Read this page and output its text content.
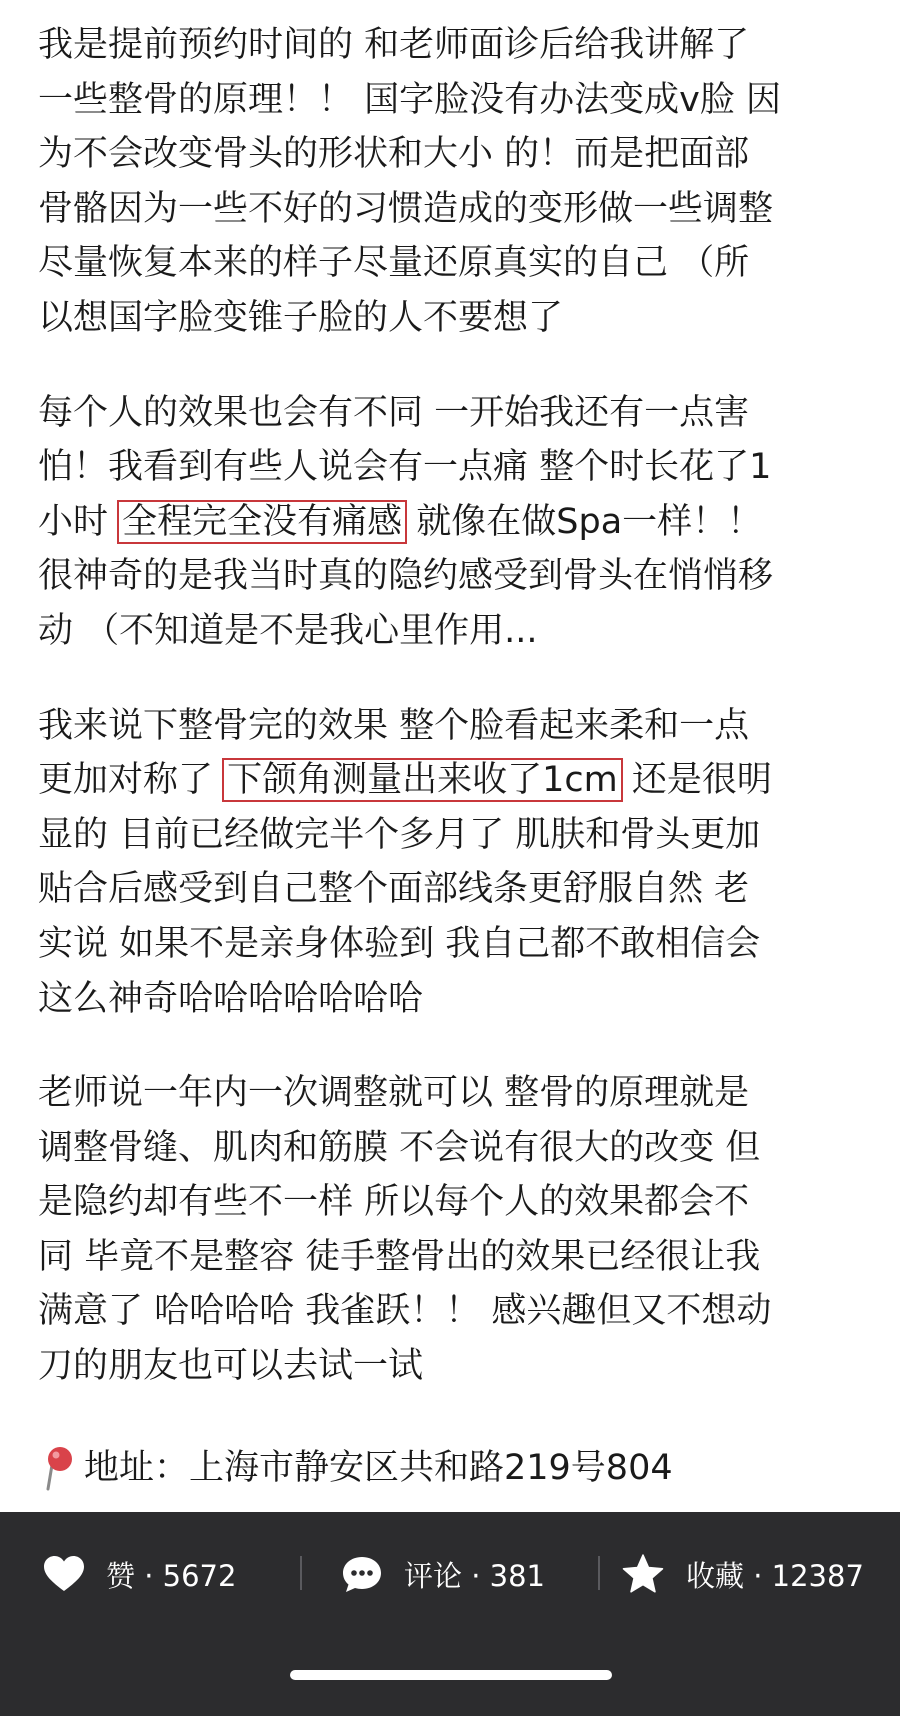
我是提前预约时间的 和老师面诊后给我讲解了
一些整骨的原理！！ 国字脸没有办法变成v脸 因
为不会改变骨头的形状和大小 的！而是把面部
骨骼因为一些不好的习惯造成的变形做一些调整
尽量恢复本来的样子尽量还原真实的自己 （所
以想国字脸变锥子脸的人不要想了

每个人的效果也会有不同 一开始我还有一点害
怕！我看到有些人说会有一点痛 整个时长花了1
小时 全程完全没有痛感 就像在做Spa一样！！
很神奇的是我当时真的隐约感受到骨头在悄悄移
动 （不知道是不是我心里作用...

我来说下整骨完的效果 整个脸看起来柔和一点
更加对称了 下颌角测量出来收了1cm 还是很明
显的 目前已经做完半个多月了 肌肤和骨头更加
贴合后感受到自己整个面部线条更舒服自然 老
实说 如果不是亲身体验到 我自己都不敢相信会
这么神奇哈哈哈哈哈哈哈

老师说一年内一次调整就可以 整骨的原理就是
调整骨缝、肌肉和筋膜 不会说有很大的改变 但
是隐约却有些不一样 所以每个人的效果都会不
同 毕竟不是整容 徒手整骨出的效果已经很让我
满意了 哈哈哈哈 我雀跃！！ 感兴趣但又不想动
刀的朋友也可以去试一试

地址：上海市静安区共和路219号804
赞 · 5672	评论 · 381	收藏 · 12387
